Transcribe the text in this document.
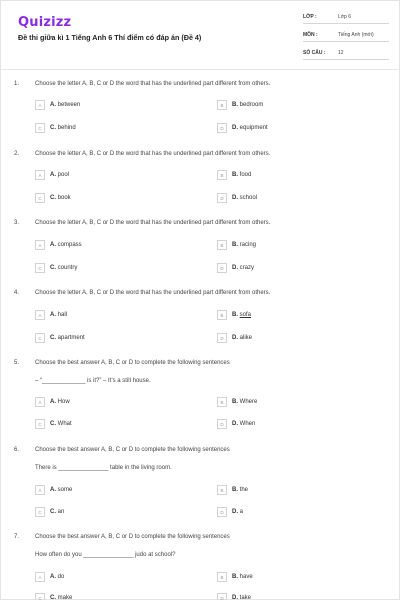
Quizizz
Đề thi giữa kì 1 Tiếng Anh 6 Thí điểm có đáp án (Đề 4)
LỚP :	Lớp 6
MÔN :	Tiếng Anh (mới)
SỐ CÂU :	12
1.	Choose the letter A, B, C or D the word that has the underlined part different from others.
A	A. between	B	B. bedroom
C	C. behind	D	D. equipment
2.	Choose the letter A, B, C or D the word that has the underlined part different from others.
A	A. pool	B	B. food
C	C. book	D	D. school
3.	Choose the letter A, B, C or D the word that has the underlined part different from others.
A	A. compass	B	B. racing
C	C. country	D	D. crazy
4.	Choose the letter A, B, C or D the word that has the underlined part different from others.
A	A. hall	B	B. sofa
C	C. apartment	D	D. alike
5.	Choose the best answer A, B, C or D to complete the following sentences
– “_____________ is it?” – It’s a still house.
A	A. How	B	B. Where
C	C. What	D	D. When
6.	Choose the best answer A, B, C or D to complete the following sentences
There is _______________ table in the living room.
A	A. some	B	B. the
C	C. an	D	D. a
7.	Choose the best answer A, B, C or D to complete the following sentences
How often do you _______________ judo at school?
A	A. do	B	B. have
C	C. make	D	D. take
